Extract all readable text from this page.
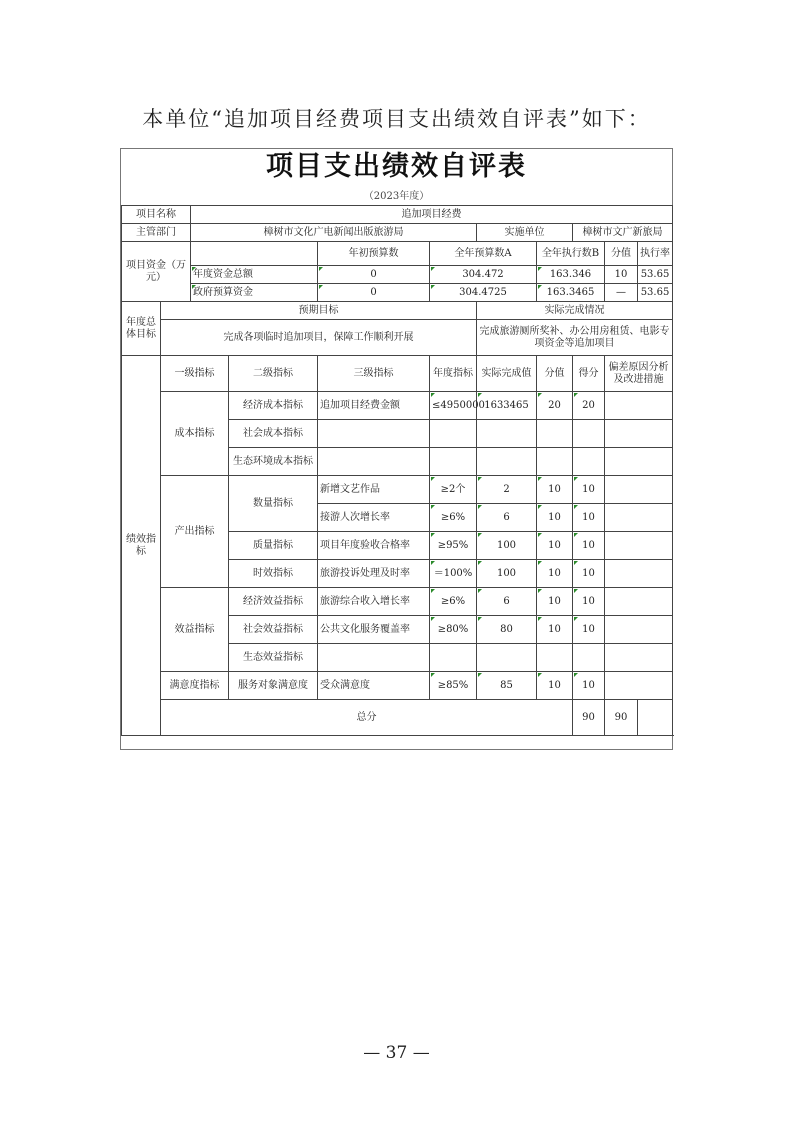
本单位“追加项目经费项目支出绩效自评表”如下：
项目支出绩效自评表
（2023年度）
项目名称		追加项目经费									
主管部门		樟树市文化广电新闻出版旅游局				实施单位		樟树市文广新旅局			
项目资金（万元）				年初预算数	全年预算数A		全年执行数B		分值	执行率	
		年度资金总额		0	304.472		163.346		10	53.65	
		政府预算资金		0	304.4725		163.3465		—	53.65	
年度总体目标	预期目标					实际完成情况					
	完成各项临时追加项目，保障工作顺利开展					完成旅游厕所奖补、办公用房租赁、电影专项资金等追加项目					
绩效指标	一级指标		二级指标	三级指标	年度指标	实际完成值	分值	得分	偏差原因分析及改进措施		
	成本指标		经济成本指标	追加项目经费金额	≤4950000	1633465	20	20			
			社会成本指标								
			生态环境成本指标								
	产出指标		数量指标	新增文艺作品	≥2个	2	10	10			
				接游人次增长率	≥6%	6	10	10			
			质量指标	项目年度验收合格率	≥95%	100	10	10			
			时效指标	旅游投诉处理及时率	＝100%	100	10	10			
	效益指标		经济效益指标	旅游综合收入增长率	≥6%	6	10	10			
			社会效益指标	公共文化服务覆盖率	≥80%	80	10	10			
			生态效益指标								
	满意度指标		服务对象满意度	受众满意度	≥85%	85	10	10			
	总分							90	90		
— 37 —
